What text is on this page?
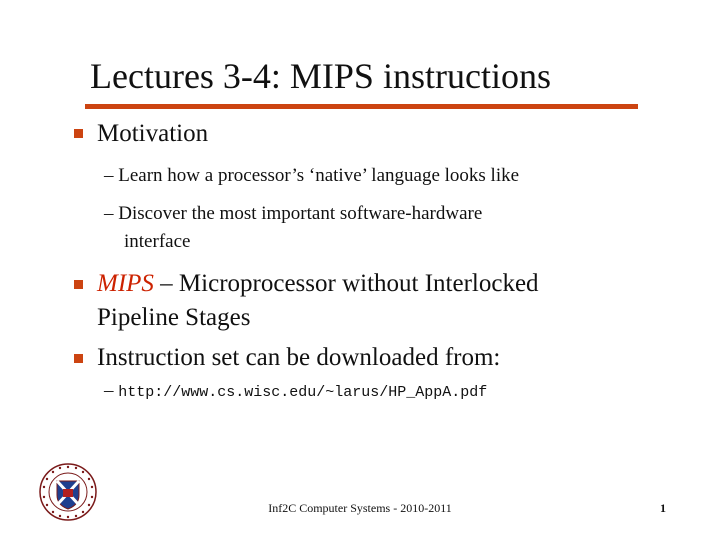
Lectures 3-4: MIPS instructions
Motivation
– Learn how a processor’s ‘native’ language looks like
– Discover the most important software-hardware
interface
MIPS – Microprocessor without Interlocked
Pipeline Stages
Instruction set can be downloaded from:
– http://www.cs.wisc.edu/~larus/HP_AppA.pdf
Inf2C Computer Systems - 2010-2011	1
